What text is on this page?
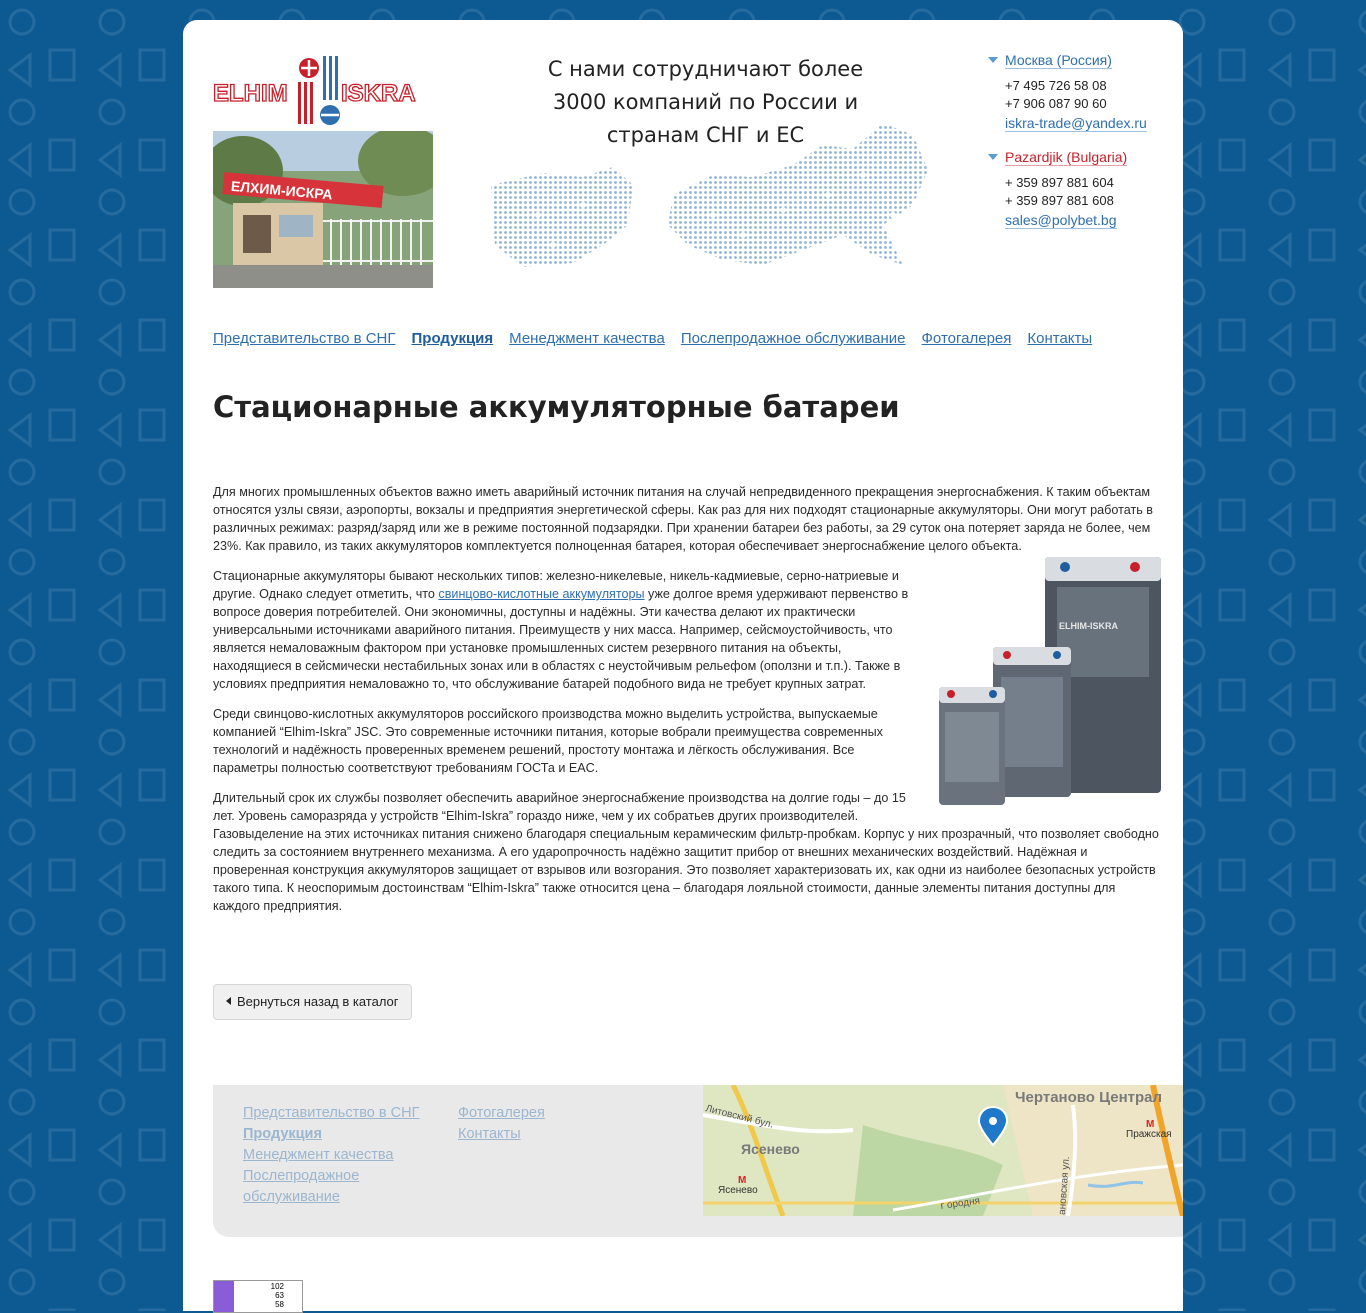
ELHIM ISKRA
ЕЛХИМ-ИСКРА
С нами сотрудничают более 3000 компаний по России и странам СНГ и ЕС
Москва (Россия)
+7 495 726 58 08
+7 906 087 90 60
iskra-trade@yandex.ru
Pazardjik (Bulgaria)
+ 359 897 881 604
+ 359 897 881 608
sales@polybet.bg
Представительство в СНГ Продукция Менеджмент качества Послепродажное обслуживание Фотогалерея Контакты
Стационарные аккумуляторные батареи

Для многих промышленных объектов важно иметь аварийный источник питания на случай непредвиденного прекращения энергоснабжения. К таким объектам относятся узлы связи, аэропорты, вокзалы и предприятия энергетической сферы. Как раз для них подходят стационарные аккумуляторы. Они могут работать в различных режимах: разряд/заряд или же в режиме постоянной подзарядки. При хранении батареи без работы, за 29 суток она потеряет заряда не более, чем 23%. Как правило, из таких аккумуляторов комплектуется полноценная батарея, которая обеспечивает энергоснабжение целого объекта.

ELHIM-ISKRA

Стационарные аккумуляторы бывают нескольких типов: железно-никелевые, никель-кадмиевые, серно-натриевые и другие. Однако следует отметить, что свинцово-кислотные аккумуляторы уже долгое время удерживают первенство в вопросе доверия потребителей. Они экономичны, доступны и надёжны. Эти качества делают их практически универсальными источниками аварийного питания. Преимуществ у них масса. Например, сейсмоустойчивость, что является немаловажным фактором при установке промышленных систем резервного питания на объекты, находящиеся в сейсмически нестабильных зонах или в областях с неустойчивым рельефом (оползни и т.п.). Также в условиях предприятия немаловажно то, что обслуживание батарей подобного вида не требует крупных затрат.

Среди свинцово-кислотных аккумуляторов российского производства можно выделить устройства, выпускаемые компанией “Elhim-Iskra” JSC. Это современные источники питания, которые вобрали преимущества современных технологий и надёжность проверенных временем решений, простоту монтажа и лёгкость обслуживания. Все параметры полностью соответствуют требованиям ГОСТа и EAC.

Длительный срок их службы позволяет обеспечить аварийное энергоснабжение производства на долгие годы – до 15 лет. Уровень саморазряда у устройств “Elhim-Iskra” гораздо ниже, чем у их собратьев других производителей. Газовыделение на этих источниках питания снижено благодаря специальным керамическим фильтр-пробкам. Корпус у них прозрачный, что позволяет свободно следить за состоянием внутреннего механизма. А его ударопрочность надёжно защитит прибор от внешних механических воздействий. Надёжная и проверенная конструкция аккумуляторов защищает от взрывов или возгорания. Это позволяет характеризовать их, как одни из наиболее безопасных устройств такого типа. К неоспоримым достоинствам “Elhim-Iskra” также относится цена – благодаря лояльной стоимости, данные элементы питания доступны для каждого предприятия.

Вернуться назад в каталог
Представительство в СНГ
Продукция
Менеджмент качества
Послепродажное обслуживание
Фотогалерея
Контакты
Чертаново Централ
Ясенево
Ясенево
Пражская
Литовский бул.
г ородня	ановская ул.
М
М
102
63
58
